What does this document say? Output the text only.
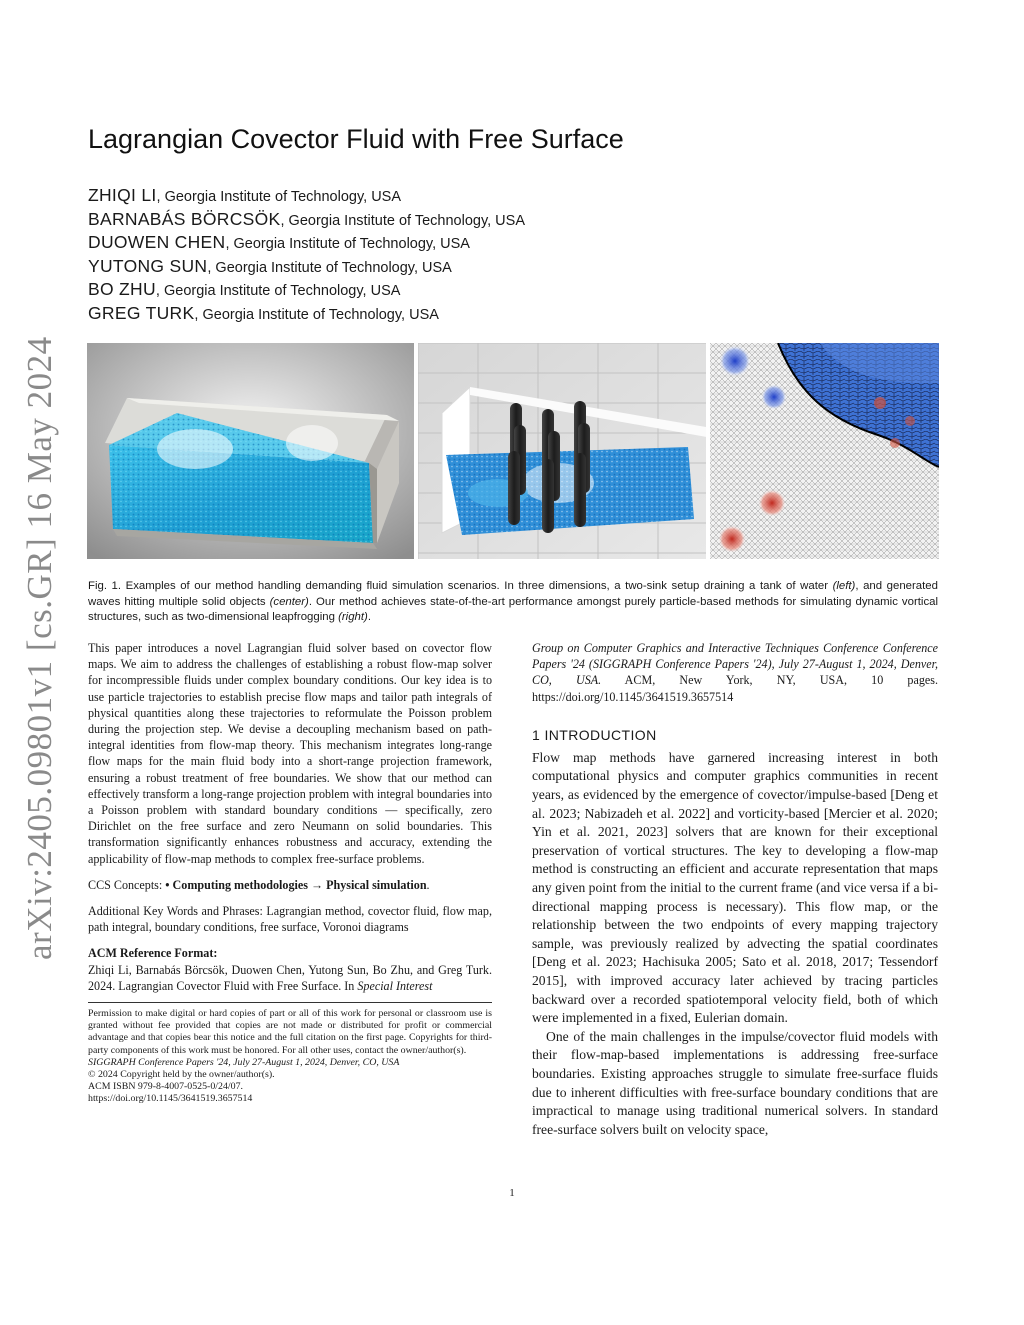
arXiv:2405.09801v1 [cs.GR] 16 May 2024
Lagrangian Covector Fluid with Free Surface
ZHIQI LI, Georgia Institute of Technology, USA
BARNABÁS BÖRCSÖK, Georgia Institute of Technology, USA
DUOWEN CHEN, Georgia Institute of Technology, USA
YUTONG SUN, Georgia Institute of Technology, USA
BO ZHU, Georgia Institute of Technology, USA
GREG TURK, Georgia Institute of Technology, USA
Fig. 1. Examples of our method handling demanding fluid simulation scenarios. In three dimensions, a two-sink setup draining a tank of water (left), and generated waves hitting multiple solid objects (center). Our method achieves state-of-the-art performance amongst purely particle-based methods for simulating dynamic vortical structures, such as two-dimensional leapfrogging (right).

This paper introduces a novel Lagrangian fluid solver based on covector flow maps. We aim to address the challenges of establishing a robust flow-map solver for incompressible fluids under complex boundary conditions. Our key idea is to use particle trajectories to establish precise flow maps and tailor path integrals of physical quantities along these trajectories to reformulate the Poisson problem during the projection step. We devise a decoupling mechanism based on path-integral identities from flow-map theory. This mechanism integrates long-range flow maps for the main fluid body into a short-range projection framework, ensuring a robust treatment of free boundaries. We show that our method can effectively transform a long-range projection problem with integral boundaries into a Poisson problem with standard boundary conditions — specifically, zero Dirichlet on the free surface and zero Neumann on solid boundaries. This transformation significantly enhances robustness and accuracy, extending the applicability of flow-map methods to complex free-surface problems.

CCS Concepts: • Computing methodologies → Physical simulation.

Additional Key Words and Phrases: Lagrangian method, covector fluid, flow map, path integral, boundary conditions, free surface, Voronoi diagrams

ACM Reference Format:

Zhiqi Li, Barnabás Börcsök, Duowen Chen, Yutong Sun, Bo Zhu, and Greg Turk. 2024. Lagrangian Covector Fluid with Free Surface. In Special Interest

Permission to make digital or hard copies of part or all of this work for personal or classroom use is granted without fee provided that copies are not made or distributed for profit or commercial advantage and that copies bear this notice and the full citation on the first page. Copyrights for third-party components of this work must be honored. For all other uses, contact the owner/author(s).

SIGGRAPH Conference Papers '24, July 27-August 1, 2024, Denver, CO, USA

© 2024 Copyright held by the owner/author(s).

ACM ISBN 979-8-4007-0525-0/24/07.

https://doi.org/10.1145/3641519.3657514

Group on Computer Graphics and Interactive Techniques Conference Conference Papers '24 (SIGGRAPH Conference Papers '24), July 27-August 1, 2024, Denver, CO, USA. ACM, New York, NY, USA, 10 pages. https://doi.org/10.1145/3641519.3657514

1 INTRODUCTION

Flow map methods have garnered increasing interest in both computational physics and computer graphics communities in recent years, as evidenced by the emergence of covector/impulse-based [Deng et al. 2023; Nabizadeh et al. 2022] and vorticity-based [Mercier et al. 2020; Yin et al. 2021, 2023] solvers that are known for their exceptional preservation of vortical structures. The key to developing a flow-map method is constructing an efficient and accurate representation that maps any given point from the initial to the current frame (and vice versa if a bi-directional mapping process is necessary). This flow map, or the relationship between the two endpoints of every mapping trajectory sample, was previously realized by advecting the spatial coordinates [Deng et al. 2023; Hachisuka 2005; Sato et al. 2018, 2017; Tessendorf 2015], with improved accuracy later achieved by tracing particles backward over a recorded spatiotemporal velocity field, both of which were implemented in a fixed, Eulerian domain.

One of the main challenges in the impulse/covector fluid models with their flow-map-based implementations is addressing free-surface boundaries. Existing approaches struggle to simulate free-surface fluids due to inherent difficulties with free-surface boundary conditions that are impractical to manage using traditional numerical solvers. In standard free-surface solvers built on velocity space,

1
